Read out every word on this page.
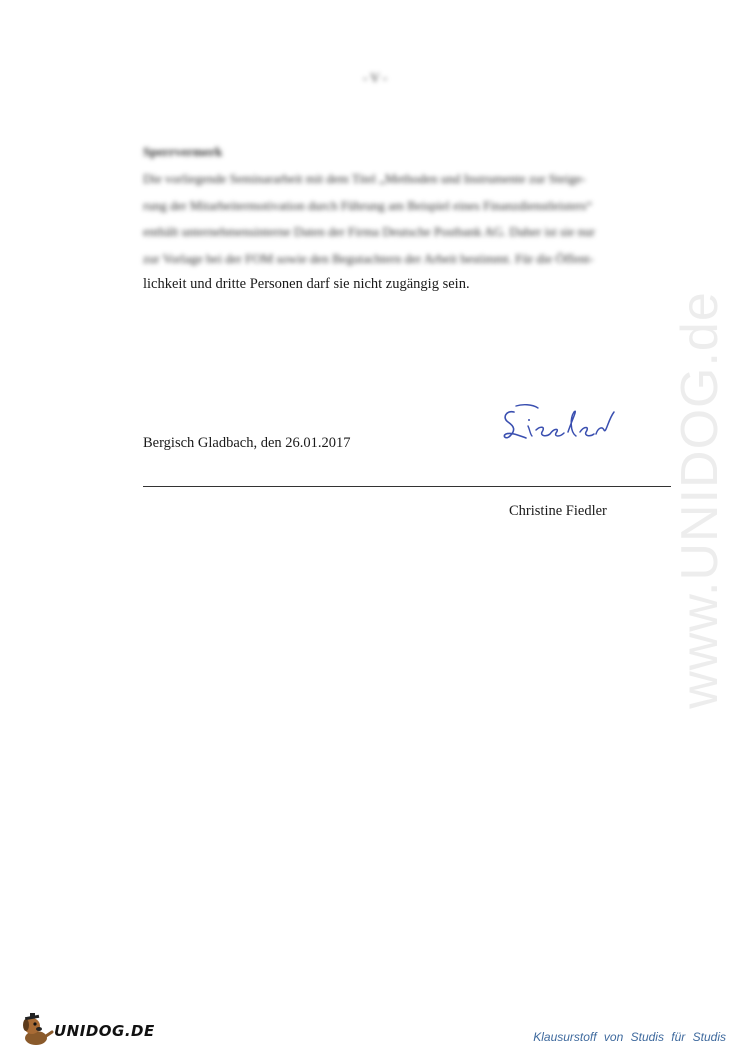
- V -
Sperrvermerk
Die vorliegende Seminararbeit mit dem Titel „Methoden und Instrumente zur Steige-
rung der Mitarbeitermotivation durch Führung am Beispiel eines Finanzdienstleisters“
enthält unternehmensinterne Daten der Firma Deutsche Postbank AG. Daher ist sie nur
zur Vorlage bei der FOM sowie den Begutachtern der Arbeit bestimmt. Für die Öffent-
lichkeit und dritte Personen darf sie nicht zugängig sein.
Bergisch Gladbach, den 26.01.2017
Christine Fiedler www.UNIDOG.de
UNIDOG.DE	Klausurstoff von Studis für Studis
